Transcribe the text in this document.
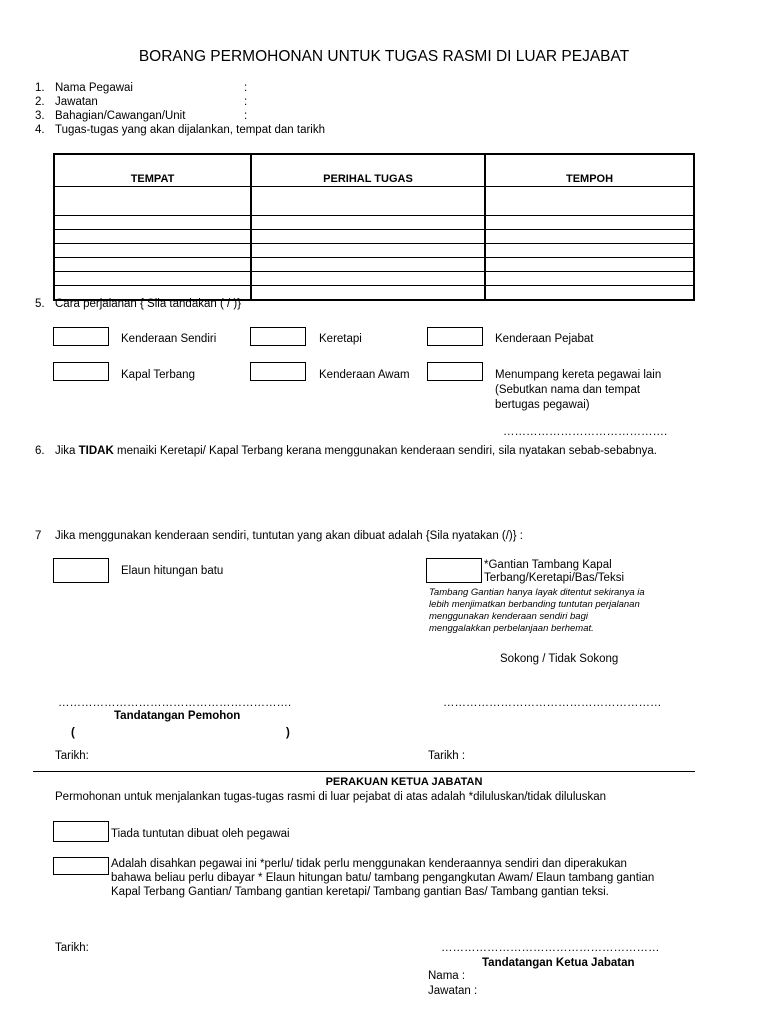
BORANG PERMOHONAN UNTUK TUGAS RASMI DI LUAR PEJABAT
1. Nama Pegawai	:
2. Jawatan	:
3. Bahagian/Cawangan/Unit	:
4. Tugas-tugas yang akan dijalankan, tempat dan tarikh
TEMPAT	PERIHAL TUGAS	TEMPOH

5. Cara perjalanan { Sila tandakan ( / )}
Kenderaan Sendiri	Keretapi	Kenderaan Pejabat
Kapal Terbang	Kenderaan Awam	Menumpang kereta pegawai lain
(Sebutkan nama dan tempat
bertugas pegawai)
…………………………………….
6. Jika TIDAK menaiki Keretapi/ Kapal Terbang kerana menggunakan kenderaan sendiri, sila nyatakan sebab-sebabnya.
7 Jika menggunakan kenderaan sendiri, tuntutan yang akan dibuat adalah {Sila nyatakan (/)} :
Elaun hitungan batu	*Gantian Tambang Kapal
Terbang/Keretapi/Bas/Teksi
Tambang Gantian hanya layak ditentut sekiranya ia
lebih menjimatkan berbanding tuntutan perjalanan
menggunakan kenderaan sendiri bagi
menggalakkan perbelanjaan berhemat.
Sokong / Tidak Sokong
…………………………………………………….	…………………………………………………
Tandatangan Pemohon
(	)
Tarikh:	Tarikh :
PERAKUAN KETUA JABATAN
Permohonan untuk menjalankan tugas-tugas rasmi di luar pejabat di atas adalah *diluluskan/tidak diluluskan
Tiada tuntutan dibuat oleh pegawai
Adalah disahkan pegawai ini *perlu/ tidak perlu menggunakan kenderaannya sendiri dan diperakukan
bahawa beliau perlu dibayar * Elaun hitungan batu/ tambang pengangkutan Awam/ Elaun tambang gantian
Kapal Terbang Gantian/ Tambang gantian keretapi/ Tambang gantian Bas/ Tambang gantian teksi.
Tarikh:	…………………………………………………
Tandatangan Ketua Jabatan
Nama :
Jawatan :
